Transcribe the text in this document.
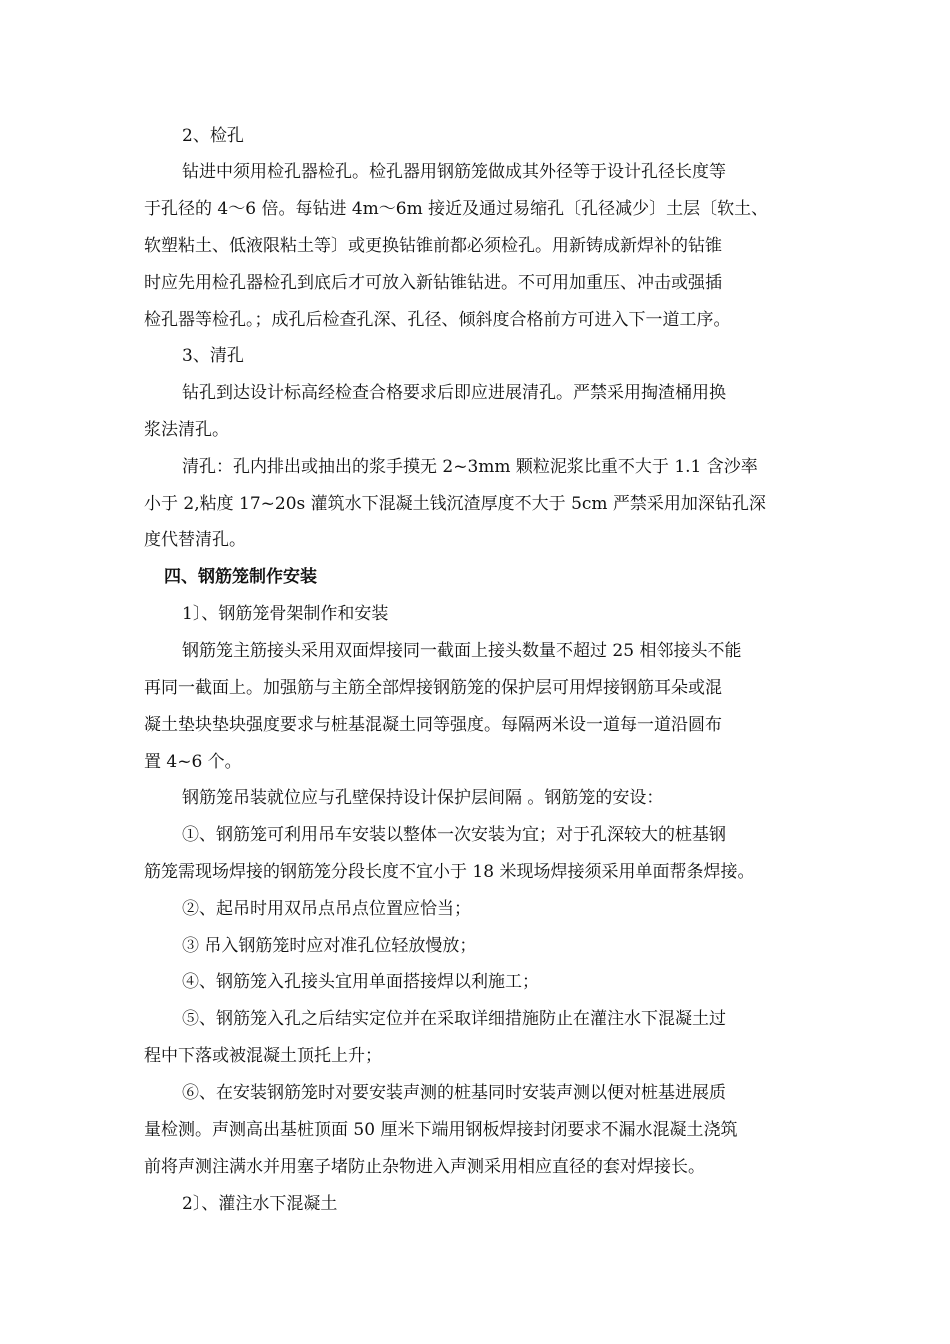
2、检孔
钻进中须用检孔器检孔。检孔器用钢筋笼做成其外径等于设计孔径长度等
于孔径的 4～6 倍。每钻进 4m～6m 接近及通过易缩孔〔孔径减少〕土层〔软土、
软塑粘土、低液限粘土等〕或更换钻锥前都必须检孔。用新铸成新焊补的钻锥
时应先用检孔器检孔到底后才可放入新钻锥钻进。不可用加重压、冲击或强插
检孔器等检孔。；成孔后检查孔深、孔径、倾斜度合格前方可进入下一道工序。
3、清孔
钻孔到达设计标高经检查合格要求后即应进展清孔。严禁采用掏渣桶用换
浆法清孔。
清孔：孔内排出或抽出的浆手摸无 2~3mm 颗粒泥浆比重不大于 1.1 含沙率
小于 2,粘度 17~20s 灌筑水下混凝土钱沉渣厚度不大于 5cm 严禁采用加深钻孔深
度代替清孔。
四、钢筋笼制作安装
1〕、钢筋笼骨架制作和安装
钢筋笼主筋接头采用双面焊接同一截面上接头数量不超过 25 相邻接头不能
再同一截面上。加强筋与主筋全部焊接钢筋笼的保护层可用焊接钢筋耳朵或混
凝土垫块垫块强度要求与桩基混凝土同等强度。每隔两米设一道每一道沿圆布
置 4~6 个。
钢筋笼吊装就位应与孔壁保持设计保护层间隔 。钢筋笼的安设：
①、钢筋笼可利用吊车安装以整体一次安装为宜；对于孔深较大的桩基钢
筋笼需现场焊接的钢筋笼分段长度不宜小于 18 米现场焊接须采用单面帮条焊接。
②、起吊时用双吊点吊点位置应恰当；
③ 吊入钢筋笼时应对准孔位轻放慢放；
④、钢筋笼入孔接头宜用单面搭接焊以利施工；
⑤、钢筋笼入孔之后结实定位并在采取详细措施防止在灌注水下混凝土过
程中下落或被混凝土顶托上升；
⑥、在安装钢筋笼时对要安装声测的桩基同时安装声测以便对桩基进展质
量检测。声测高出基桩顶面 50 厘米下端用钢板焊接封闭要求不漏水混凝土浇筑
前将声测注满水并用塞子堵防止杂物进入声测采用相应直径的套对焊接长。
2〕、灌注水下混凝土
